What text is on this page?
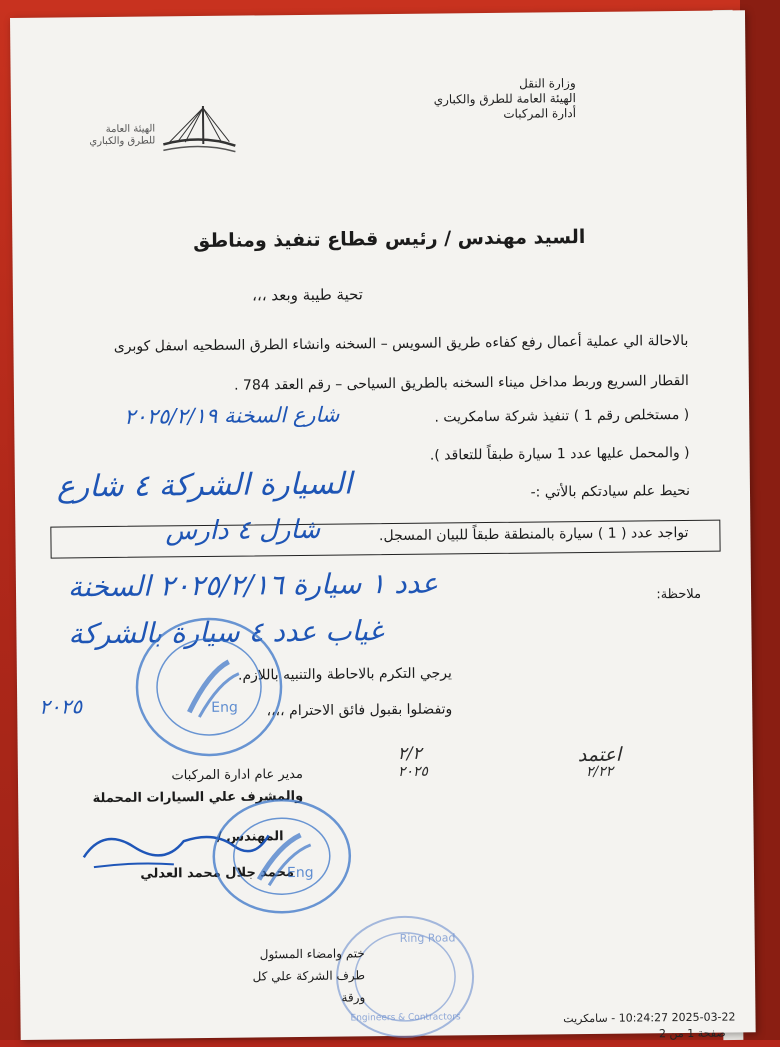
وزارة النقل
الهيئة العامة للطرق والكباري
أدارة المركبات
الهيئة العامة
للطرق والكباري
السيد مهندس / رئيس قطاع تنفيذ ومناطق
تحية طيبة وبعد ،،،
بالاحالة الي عملية أعمال رفع كفاءه طريق السويس – السخنه وانشاء الطرق السطحيه اسفل كوبرى
القطار السريع وربط مداخل ميناء السخنه بالطريق السياحى – رقم العقد 784 .
( مستخلص رقم 1 ) تنفيذ شركة سامكريت .
( والمحمل عليها عدد 1 سيارة طبقاً للتعاقد ).
نحيط علم سيادتكم بالأتي :-
شارع السخنة ٢٠٢٥/٢/١٩
السيارة الشركة ٤ شارع
تواجد عدد ( 1 ) سيارة بالمنطقة طبقاً للبيان المسجل.
شارل ٤ دارس
ملاحظة:
عدد ١ سيارة ٢٠٢٥/٢/١٦ السخنة
غياب عدد ٤ سيارة بالشركة
يرجي التكرم بالاحاطة والتنبيه باللازم.
وتفضلوا بقبول فائق الاحترام ،،،،
٢٠٢٥
٢/٢
٢٠٢٥
اعتمد
٢/٢٢
Eng
مدير عام ادارة المركبات
والمشرف علي السيارات المحملة
المهندس /
محمد جلال محمد العدلي
Eng
Ring Road
Engineers & Contractors
ختم وامضاء المسئول
طرف الشركة علي كل
ورقة
2025-03-22 10:24:27 - سامكريت
صفحة 1 من 2
